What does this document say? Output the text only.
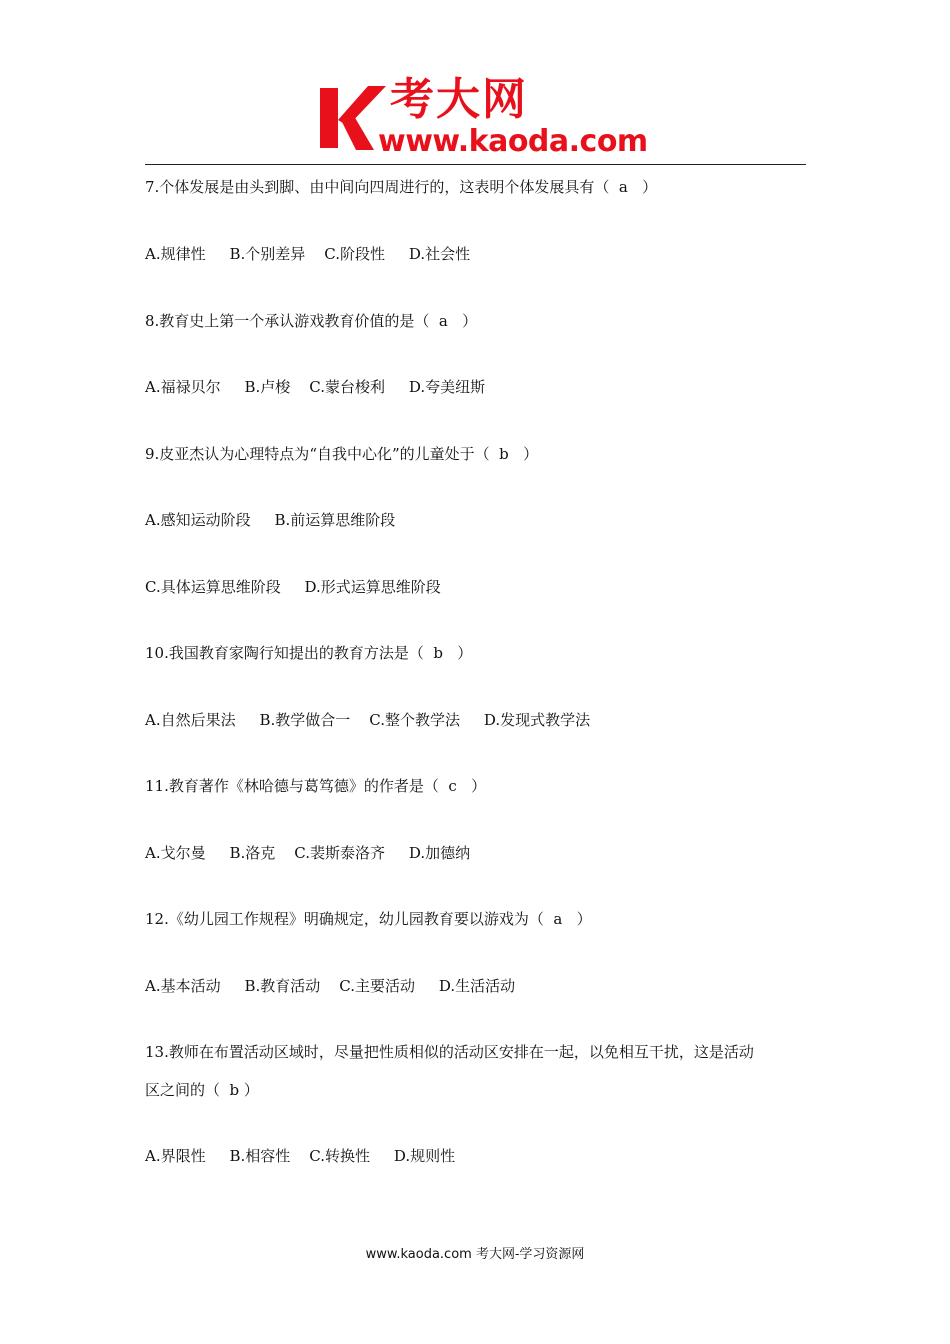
考大网
www.kaoda.com
7.个体发展是由头到脚、由中间向四周进行的，这表明个体发展具有（  a   ）
A.规律性     B.个别差异    C.阶段性     D.社会性
8.教育史上第一个承认游戏教育价值的是（  a   ）
A.福禄贝尔     B.卢梭    C.蒙台梭利     D.夸美纽斯
9.皮亚杰认为心理特点为“自我中心化”的儿童处于（  b   ）
A.感知运动阶段     B.前运算思维阶段
C.具体运算思维阶段     D.形式运算思维阶段
10.我国教育家陶行知提出的教育方法是（  b   ）
A.自然后果法     B.教学做合一    C.整个教学法     D.发现式教学法
11.教育著作《林哈德与葛笃德》的作者是（  c   ）
A.戈尔曼     B.洛克    C.裴斯泰洛齐     D.加德纳
12.《幼儿园工作规程》明确规定，幼儿园教育要以游戏为（  a   ）
A.基本活动     B.教育活动    C.主要活动     D.生活活动
13.教师在布置活动区域时，尽量把性质相似的活动区安排在一起，以免相互干扰，这是活动
区之间的（  b ）
A.界限性     B.相容性    C.转换性     D.规则性
www.kaoda.com 考大网-学习资源网
